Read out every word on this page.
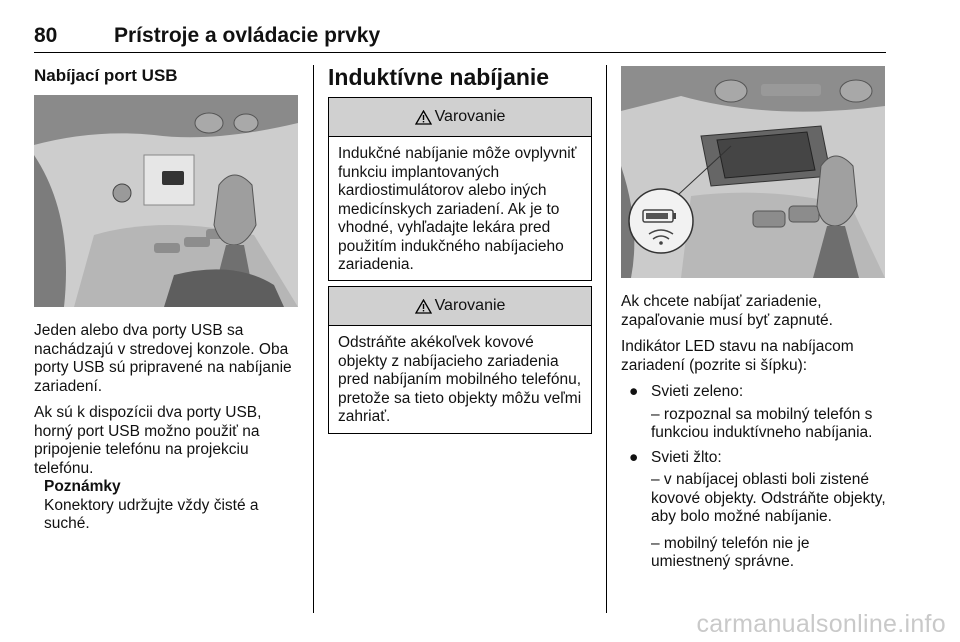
80	Prístroje a ovládacie prvky
Nabíjací port USB

Jeden alebo dva porty USB sa nachádzajú v stredovej konzole. Oba porty USB sú pripravené na nabíjanie zariadení.

Ak sú k dispozícii dva porty USB, horný port USB možno použiť na pripojenie telefónu na projekciu telefónu.

Poznámky
Konektory udržujte vždy čisté a suché.
Induktívne nabíjanie
Varovanie
Indukčné nabíjanie môže ovplyvniť funkciu implantovaných kardiostimulátorov alebo iných medicínskych zariadení. Ak je to vhodné, vyhľadajte lekára pred použitím indukčného nabíjacieho zariadenia.
Varovanie
Odstráňte akékoľvek kovové objekty z nabíjacieho zariadenia pred nabíjaním mobilného telefónu, pretože sa tieto objekty môžu veľmi zahriať.

Ak chcete nabíjať zariadenie, zapaľovanie musí byť zapnuté.

Indikátor LED stavu na nabíjacom zariadení (pozrite si šípku):

● Svieti zeleno:
– rozpoznal sa mobilný telefón s funkciou induktívneho nabíjania.
● Svieti žlto:
– v nabíjacej oblasti boli zistené kovové objekty. Odstráňte objekty, aby bolo možné nabíjanie.
– mobilný telefón nie je umiestnený správne.
carmanualsonline.info
